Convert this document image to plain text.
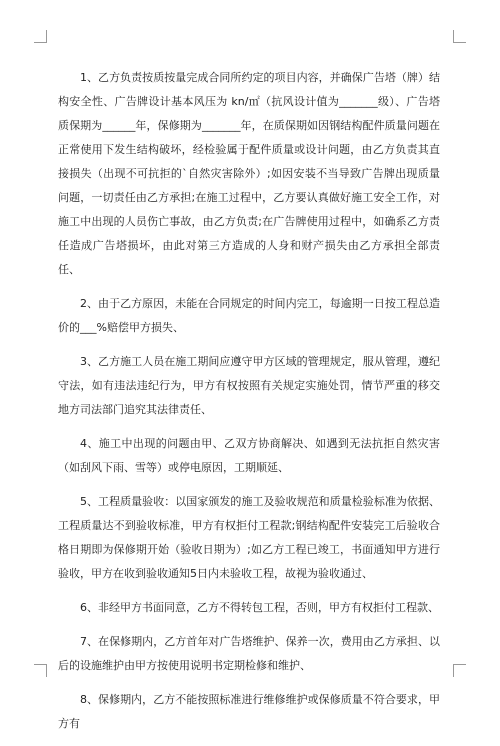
1、乙方负责按质按量完成合同所约定的项目内容，并确保广告塔（牌）结构安全性、广告牌设计基本风压为 kn/㎡（抗风设计值为_______级）、广告塔质保期为______年，保修期为_______年，在质保期如因钢结构配件质量问题在正常使用下发生结构破坏，经检验属于配件质量或设计问题，由乙方负责其直接损失（出现不可抗拒的`自然灾害除外）;如因安装不当导致广告牌出现质量问题，一切责任由乙方承担;在施工过程中，乙方要认真做好施工安全工作，对施工中出现的人员伤亡事故，由乙方负责;在广告牌使用过程中，如确系乙方责任造成广告塔损坏，由此对第三方造成的人身和财产损失由乙方承担全部责任、

2、由于乙方原因，未能在合同规定的时间内完工，每逾期一日按工程总造价的___%赔偿甲方损失、

3、乙方施工人员在施工期间应遵守甲方区域的管理规定，服从管理，遵纪守法，如有违法违纪行为，甲方有权按照有关规定实施处罚，情节严重的移交地方司法部门追究其法律责任、

4、施工中出现的问题由甲、乙双方协商解决、如遇到无法抗拒自然灾害（如刮风下雨、雪等）或停电原因，工期顺延、

5、工程质量验收：以国家颁发的施工及验收规范和质量检验标准为依据、工程质量达不到验收标准，甲方有权拒付工程款;钢结构配件安装完工后验收合格日期即为保修期开始（验收日期为）;如乙方工程已竣工，书面通知甲方进行验收，甲方在收到验收通知5日内未验收工程，故视为验收通过、

6、非经甲方书面同意，乙方不得转包工程，否则，甲方有权拒付工程款、

7、在保修期内，乙方首年对广告塔维护、保养一次，费用由乙方承担、以后的设施维护由甲方按使用说明书定期检修和维护、

8、保修期内，乙方不能按照标准进行维修维护或保修质量不符合要求，甲方有
